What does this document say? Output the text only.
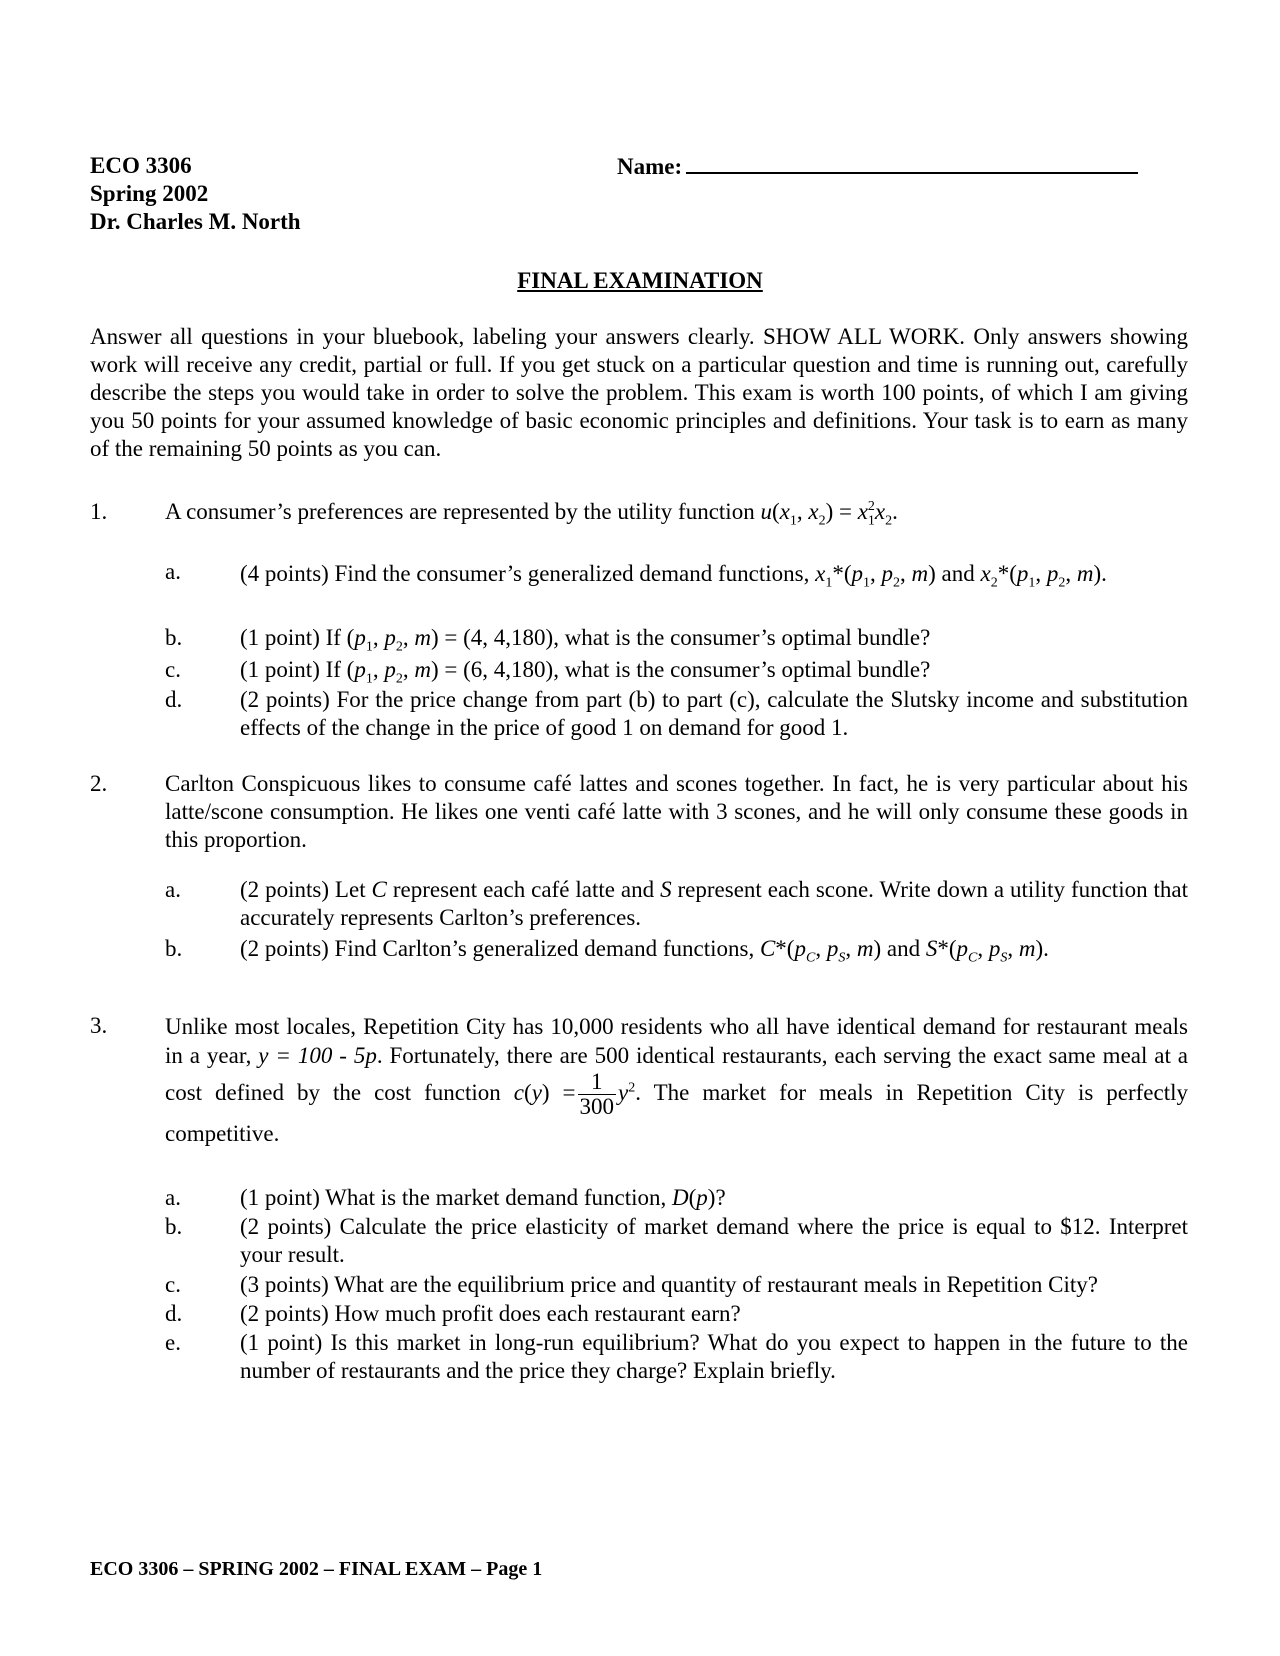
ECO 3306
Spring 2002
Dr. Charles M. North
Name:
FINAL EXAMINATION
Answer all questions in your bluebook, labeling your answers clearly. SHOW ALL WORK. Only answers showing work will receive any credit, partial or full. If you get stuck on a particular question and time is running out, carefully describe the steps you would take in order to solve the problem. This exam is worth 100 points, of which I am giving you 50 points for your assumed knowledge of basic economic principles and definitions. Your task is to earn as many of the remaining 50 points as you can.
1.	A consumer’s preferences are represented by the utility function $u(x_1$, $x_2) = x_1^2x_2$.
a.	(4 points) Find the consumer’s generalized demand functions, $x_1*(p_1$, $p_2$, m) and $x_2*(p_1$, $p_2$, m).
b.	(1 point) If ($p_1$, $p_2$, m) = (4, 4,180), what is the consumer’s optimal bundle?
c.	(1 point) If ($p_1$, $p_2$, m) = (6, 4,180), what is the consumer’s optimal bundle?
d.	(2 points) For the price change from part (b) to part (c), calculate the Slutsky income and substitution effects of the change in the price of good 1 on demand for good 1.
2.	Carlton Conspicuous likes to consume café lattes and scones together. In fact, he is very particular about his latte/scone consumption. He likes one venti café latte with 3 scones, and he will only consume these goods in this proportion.
a.	(2 points) Let C represent each café latte and S represent each scone. Write down a utility function that accurately represents Carlton’s preferences.
b.	(2 points) Find Carlton’s generalized demand functions, $C*(p_C$, $p_S$, m) and $S*(p_C$, $p_S$, m).
3.	Unlike most locales, Repetition City has 10,000 residents who all have identical demand for restaurant meals in a year, y = 100 - 5p. Fortunately, there are 500 identical restaurants, each serving the exact same meal at a cost defined by the cost function $c(y) = \frac{1}{300} y^2$. The market for meals in Repetition City is perfectly competitive.
a.	(1 point) What is the market demand function, D(p)?
b.	(2 points) Calculate the price elasticity of market demand where the price is equal to $12. Interpret your result.
c.	(3 points) What are the equilibrium price and quantity of restaurant meals in Repetition City?
d.	(2 points) How much profit does each restaurant earn?
e.	(1 point) Is this market in long-run equilibrium? What do you expect to happen in the future to the number of restaurants and the price they charge? Explain briefly.
ECO 3306 – SPRING 2002 – FINAL EXAM – Page 1
